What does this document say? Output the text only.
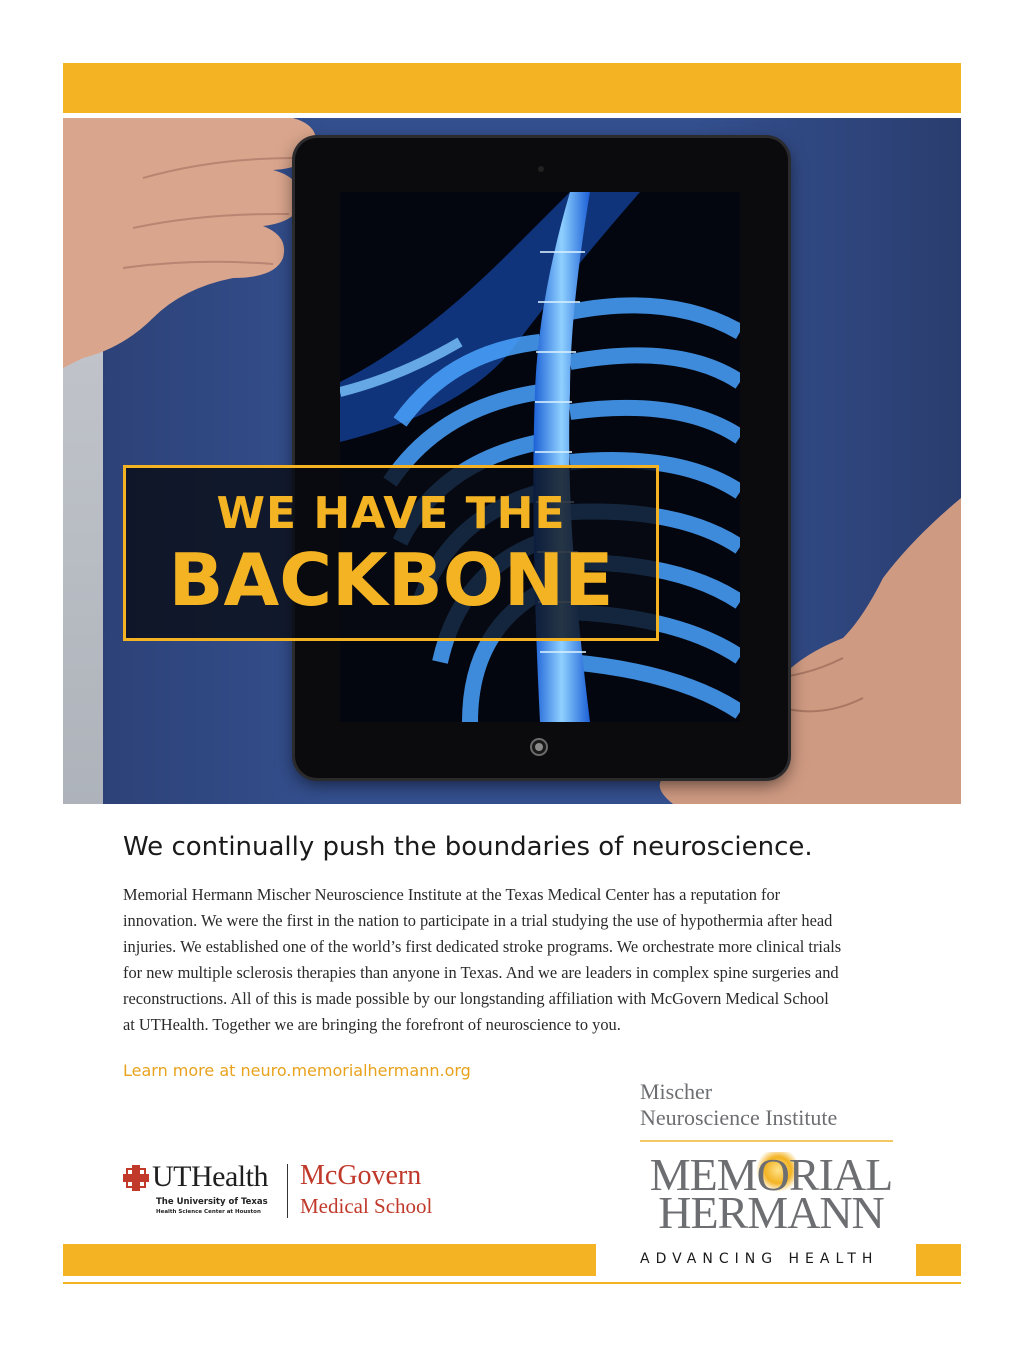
WE HAVE THE
BACKBONE
We continually push the boundaries of neuroscience.
Memorial Hermann Mischer Neuroscience Institute at the Texas Medical Center has a reputation for innovation. We were the first in the nation to participate in a trial studying the use of hypothermia after head injuries. We established one of the world’s first dedicated stroke programs. We orchestrate more clinical trials for new multiple sclerosis therapies than anyone in Texas. And we are leaders in complex spine surgeries and reconstructions. All of this is made possible by our longstanding affiliation with McGovern Medical School at UTHealth. Together we are bringing the forefront of neuroscience to you.
Learn more at neuro.memorialhermann.org
Mischer
Neuroscience Institute
MEMORIAL
HERMANN
UTHealth
The University of Texas
Health Science Center at Houston
McGovern
Medical School
ADVANCING HEALTH
